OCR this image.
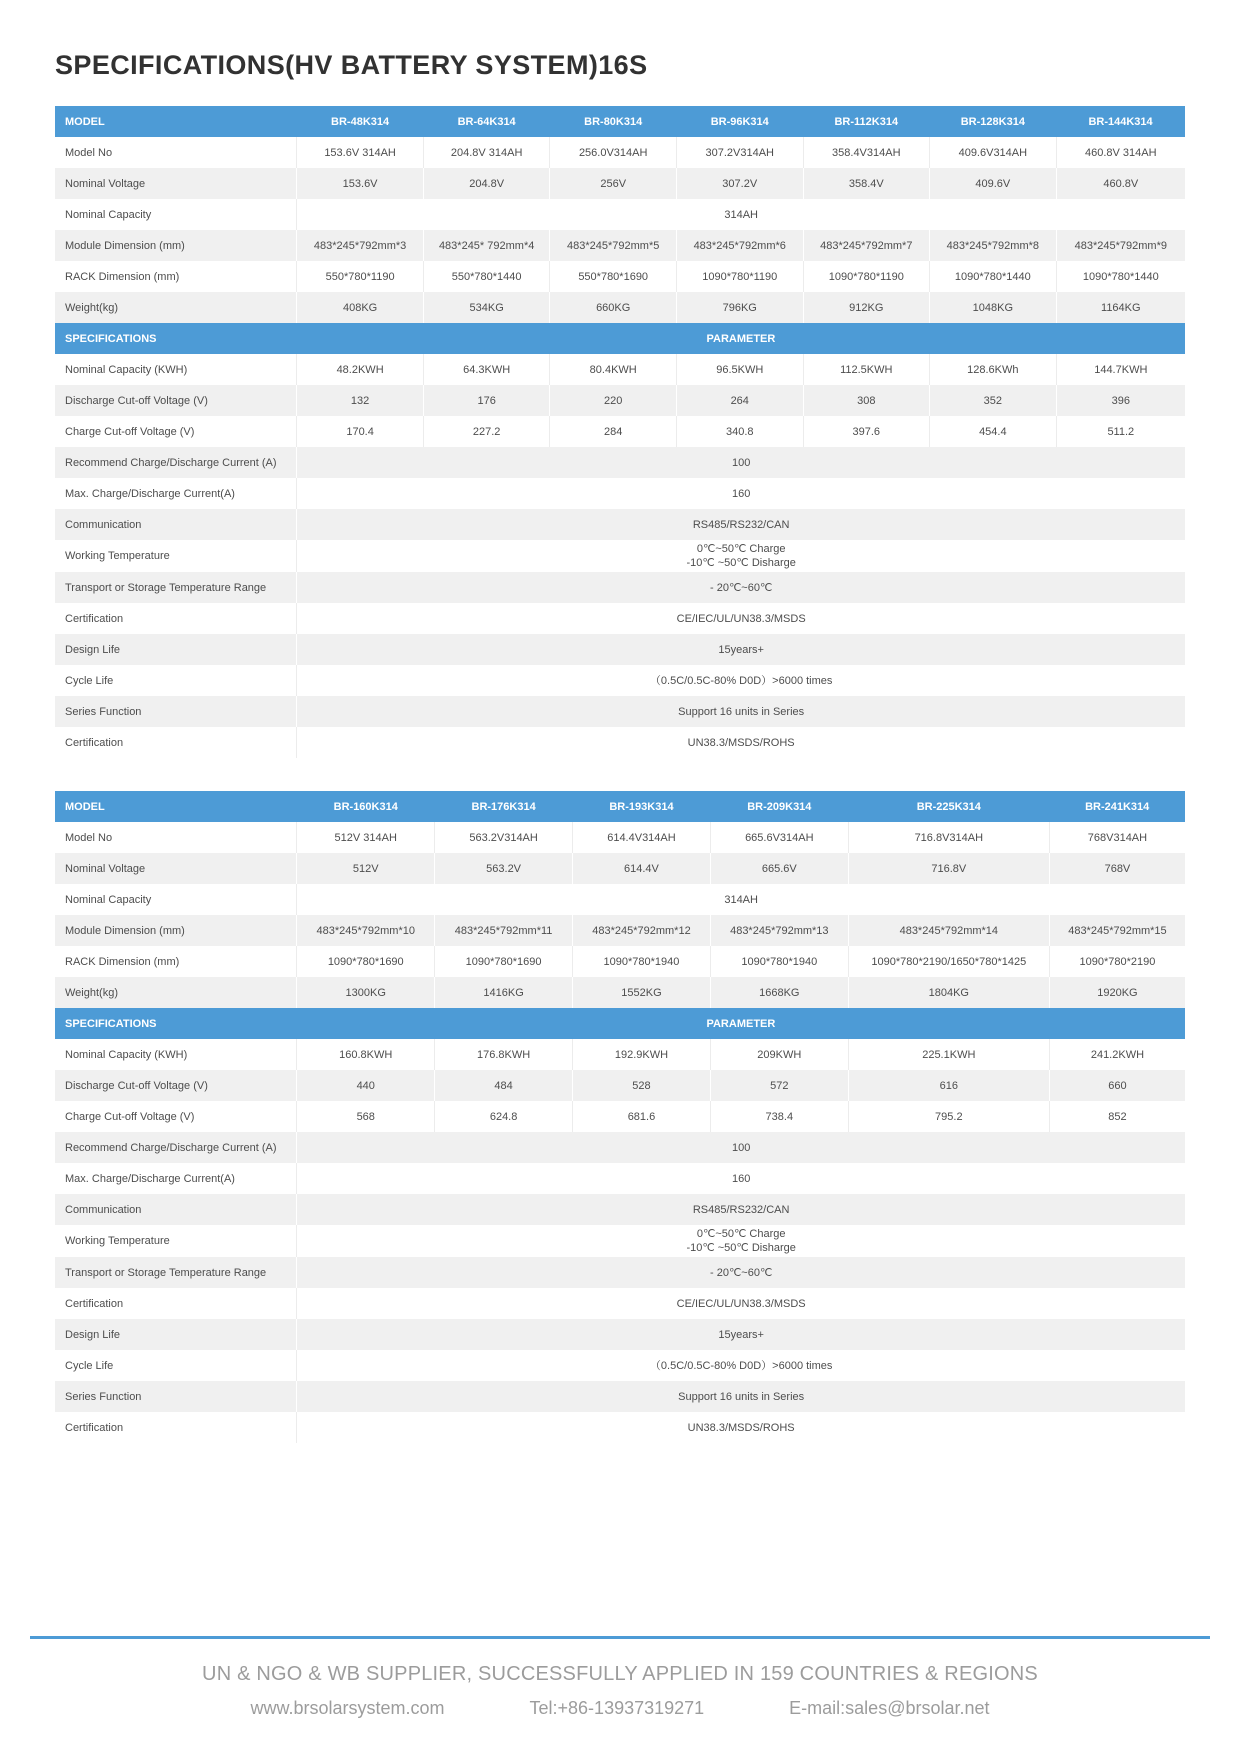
SPECIFICATIONS(HV BATTERY SYSTEM)16S
MODEL	BR-48K314	BR-64K314	BR-80K314	BR-96K314	BR-112K314	BR-128K314	BR-144K314
Model No	153.6V 314AH	204.8V 314AH	256.0V314AH	307.2V314AH	358.4V314AH	409.6V314AH	460.8V 314AH
Nominal Voltage	153.6V	204.8V	256V	307.2V	358.4V	409.6V	460.8V
Nominal Capacity	314AH						
Module Dimension (mm)	483*245*792mm*3	483*245* 792mm*4	483*245*792mm*5	483*245*792mm*6	483*245*792mm*7	483*245*792mm*8	483*245*792mm*9
RACK Dimension (mm)	550*780*1190	550*780*1440	550*780*1690	1090*780*1190	1090*780*1190	1090*780*1440	1090*780*1440
Weight(kg)	408KG	534KG	660KG	796KG	912KG	1048KG	1164KG
SPECIFICATIONS	PARAMETER						
Nominal Capacity (KWH)	48.2KWH	64.3KWH	80.4KWH	96.5KWH	112.5KWH	128.6KWh	144.7KWH
Discharge Cut-off Voltage (V)	132	176	220	264	308	352	396
Charge Cut-off Voltage (V)	170.4	227.2	284	340.8	397.6	454.4	511.2
Recommend Charge/Discharge Current (A)	100						
Max. Charge/Discharge Current(A)	160						
Communication	RS485/RS232/CAN						
Working Temperature	0℃~50℃ Charge
-10℃ ~50℃ Disharge						

Transport or Storage Temperature Range	- 20℃~60℃						
Certification	CE/IEC/UL/UN38.3/MSDS						
Design Life	15years+						
Cycle Life	（0.5C/0.5C-80% D0D）>6000 times						
Series Function	Support 16 units in Series						
Certification	UN38.3/MSDS/ROHS						
MODEL	BR-160K314	BR-176K314	BR-193K314	BR-209K314	BR-225K314	BR-241K314
Model No	512V 314AH	563.2V314AH	614.4V314AH	665.6V314AH	716.8V314AH	768V314AH
Nominal Voltage	512V	563.2V	614.4V	665.6V	716.8V	768V
Nominal Capacity	314AH					
Module Dimension (mm)	483*245*792mm*10	483*245*792mm*11	483*245*792mm*12	483*245*792mm*13	483*245*792mm*14	483*245*792mm*15
RACK Dimension (mm)	1090*780*1690	1090*780*1690	1090*780*1940	1090*780*1940	1090*780*2190/1650*780*1425	1090*780*2190
Weight(kg)	1300KG	1416KG	1552KG	1668KG	1804KG	1920KG
SPECIFICATIONS	PARAMETER					
Nominal Capacity (KWH)	160.8KWH	176.8KWH	192.9KWH	209KWH	225.1KWH	241.2KWH
Discharge Cut-off Voltage (V)	440	484	528	572	616	660
Charge Cut-off Voltage (V)	568	624.8	681.6	738.4	795.2	852
Recommend Charge/Discharge Current (A)	100					
Max. Charge/Discharge Current(A)	160					
Communication	RS485/RS232/CAN					
Working Temperature	0℃~50℃ Charge
-10℃ ~50℃ Disharge					

Transport or Storage Temperature Range	- 20℃~60℃					
Certification	CE/IEC/UL/UN38.3/MSDS					
Design Life	15years+					
Cycle Life	（0.5C/0.5C-80% D0D）>6000 times					
Series Function	Support 16 units in Series					
Certification	UN38.3/MSDS/ROHS					
UN & NGO & WB SUPPLIER, SUCCESSFULLY APPLIED IN 159 COUNTRIES & REGIONS
www.brsolarsystem.com	Tel:+86-13937319271	E-mail:sales@brsolar.net
